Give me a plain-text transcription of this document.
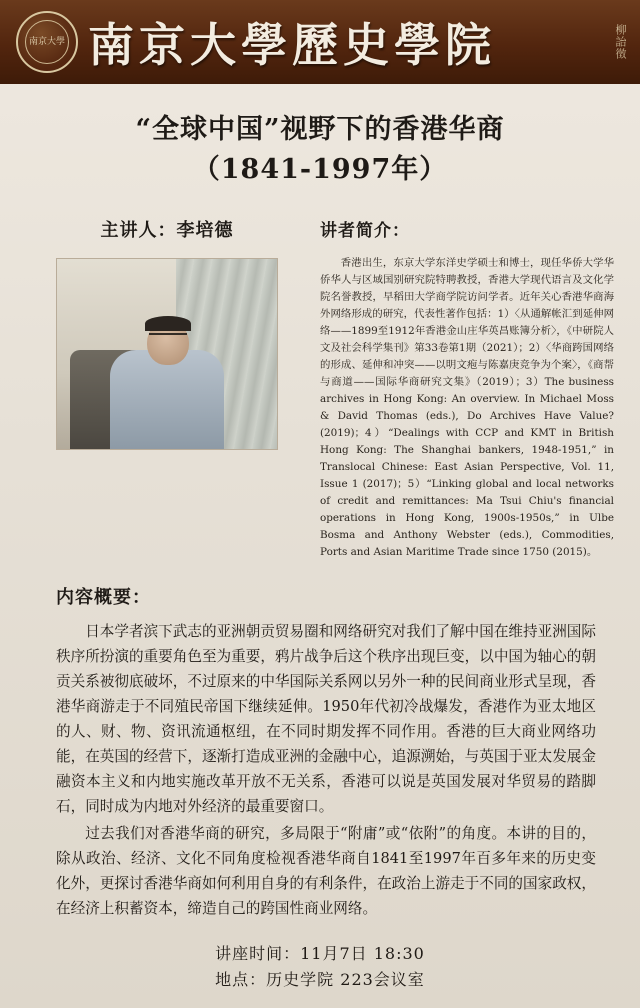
南京大學 南京大學歷史學院	柳詒徵
“全球中国”视野下的香港华商
（1841-1997年）
主讲人：李培德	讲者简介：
香港出生，东京大学东洋史学硕士和博士，现任华侨大学华侨华人与区域国别研究院特聘教授，香港大学现代语言及文化学院名誉教授，早稻田大学商学院访问学者。近年关心香港华商海外网络形成的研究，代表性著作包括：1）〈从通解帐汇到延伸网络——1899至1912年香港金山庄华英昌账簿分析〉，《中研院人文及社会科学集刊》第33卷第1期（2021）；2）〈华商跨国网络的形成、延伸和冲突——以明文疱与陈嘉庚竞争为个案〉，《商帮与商道——国际华商研究文集》（2019）；3）The business archives in Hong Kong: An overview. In Michael Moss & David Thomas (eds.), Do Archives Have Value? (2019)；4）“Dealings with CCP and KMT in British Hong Kong: The Shanghai bankers, 1948-1951,” in Translocal Chinese: East Asian Perspective, Vol. 11, Issue 1 (2017)；5）“Linking global and local networks of credit and remittances: Ma Tsui Chiu's financial operations in Hong Kong, 1900s‑1950s,” in Ulbe Bosma and Anthony Webster (eds.), Commodities, Ports and Asian Maritime Trade since 1750 (2015)。
内容概要：

日本学者滨下武志的亚洲朝贡贸易圈和网络研究对我们了解中国在维持亚洲国际秩序所扮演的重要角色至为重要，鸦片战争后这个秩序出现巨变，以中国为轴心的朝贡关系被彻底破坏，不过原来的中华国际关系网以另外一种的民间商业形式呈现，香港华商游走于不同殖民帝国下继续延伸。1950年代初冷战爆发，香港作为亚太地区的人、财、物、资讯流通枢纽，在不同时期发挥不同作用。香港的巨大商业网络功能，在英国的经营下，逐渐打造成亚洲的金融中心，追源溯始，与英国于亚太发展金融资本主义和内地实施改革开放不无关系，香港可以说是英国发展对华贸易的踏脚石，同时成为内地对外经济的最重要窗口。

过去我们对香港华商的研究，多局限于“附庸”或“依附”的角度。本讲的目的，除从政治、经济、文化不同角度检视香港华商自1841至1997年百多年来的历史变化外，更探讨香港华商如何利用自身的有利条件，在政治上游走于不同的国家政权，在经济上积蓄资本，缔造自己的跨国性商业网络。

讲座时间：11月7日 18:30
地点：历史学院 223会议室
